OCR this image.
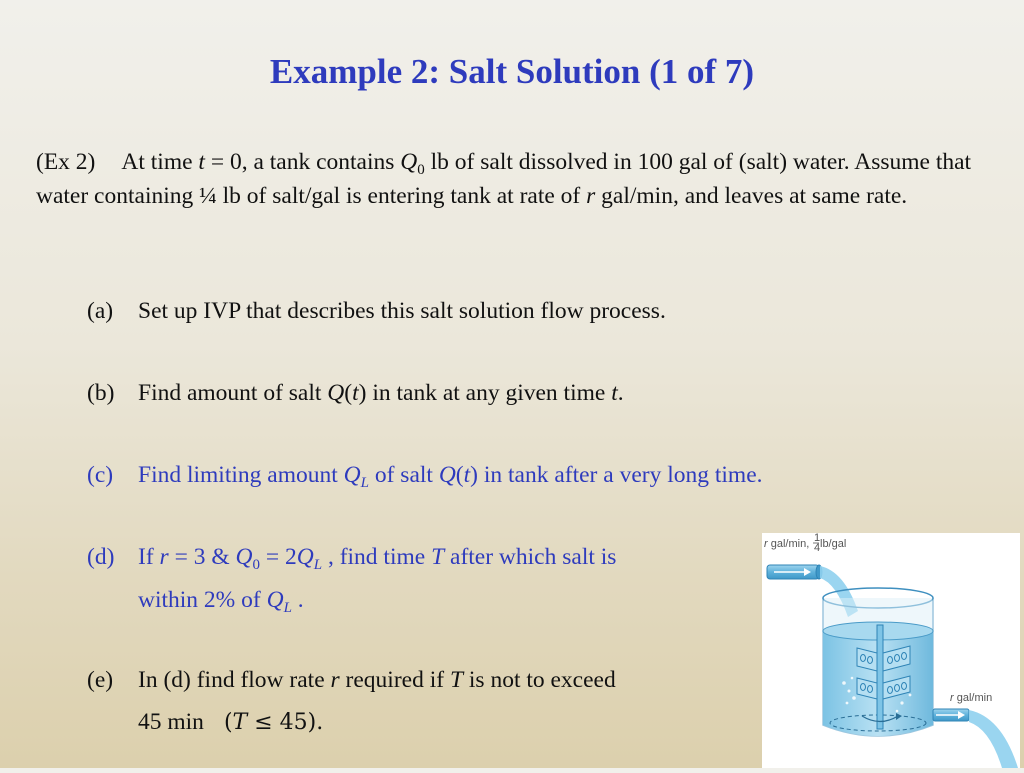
Example 2: Salt Solution (1 of 7)
(Ex 2) At time t = 0, a tank contains $Q_0$ lb of salt dissolved in 100 gal of (salt) water. Assume that water containing ¼ lb of salt/gal is entering tank at rate of r gal/min, and leaves at same rate.
(a) Set up IVP that describes this salt solution flow process.
(b) Find amount of salt Q(t) in tank at any given time t.
(c) Find limiting amount $Q_L$ of salt Q(t) in tank after a very long time.
(d) If r = 3 & $Q_0 = 2Q_L$ , find time T after which salt is
within 2% of $Q_L$ .
(e) In (d) find flow rate r required if T is not to exceed
45 min (𝑇 ≤ 45).
r gal/min, 1
4 lb/gal
r gal/min
